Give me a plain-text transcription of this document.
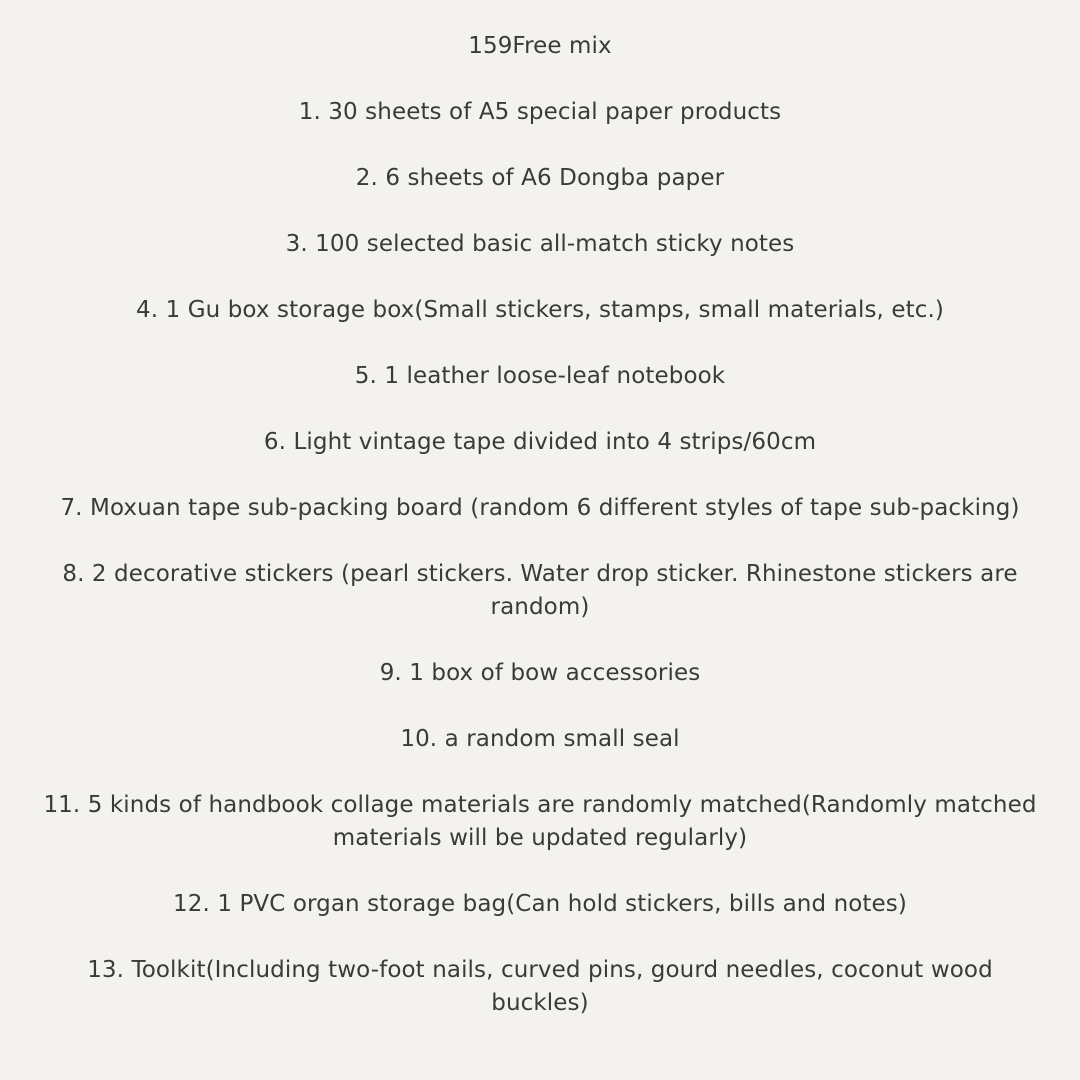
159Free mix
1. 30 sheets of A5 special paper products
2. 6 sheets of A6 Dongba paper
3. 100 selected basic all-match sticky notes
4. 1 Gu box storage box(Small stickers, stamps, small materials, etc.)
5. 1 leather loose-leaf notebook
6. Light vintage tape divided into 4 strips/60cm
7. Moxuan tape sub-packing board (random 6 different styles of tape sub-packing)
8. 2 decorative stickers (pearl stickers. Water drop sticker. Rhinestone stickers are random)
9. 1 box of bow accessories
10. a random small seal
11. 5 kinds of handbook collage materials are randomly matched(Randomly matched materials will be updated regularly)
12. 1 PVC organ storage bag(Can hold stickers, bills and notes)
13. Toolkit(Including two-foot nails, curved pins, gourd needles, coconut wood buckles)
